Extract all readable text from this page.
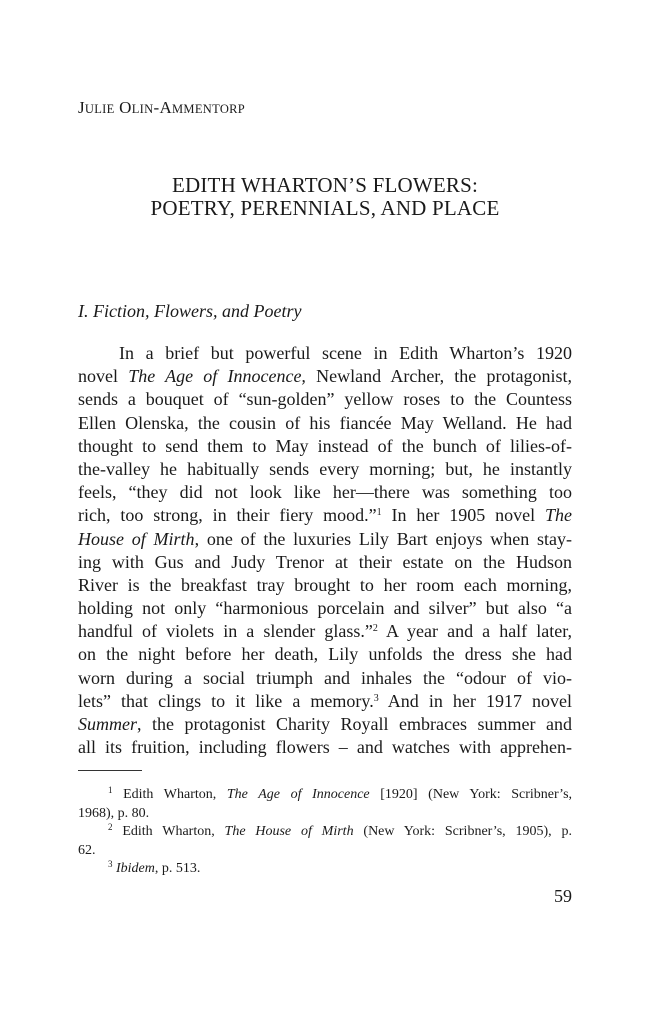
JULIE OLIN-AMMENTORP
EDITH WHARTON’S FLOWERS:
POETRY, PERENNIALS, AND PLACE
I. Fiction, Flowers, and Poetry
In a brief but powerful scene in Edith Wharton’s 1920
novel The Age of Innocence, Newland Archer, the protagonist,
sends a bouquet of “sun-golden” yellow roses to the Countess
Ellen Olenska, the cousin of his fiancée May Welland. He had
thought to send them to May instead of the bunch of lilies-of-
the-valley he habitually sends every morning; but, he instantly
feels, “they did not look like her—there was something too
rich, too strong, in their fiery mood.”$^1$ In her 1905 novel The
House of Mirth, one of the luxuries Lily Bart enjoys when stay-
ing with Gus and Judy Trenor at their estate on the Hudson
River is the breakfast tray brought to her room each morning,
holding not only “harmonious porcelain and silver” but also “a
handful of violets in a slender glass.”$^2$ A year and a half later,
on the night before her death, Lily unfolds the dress she had
worn during a social triumph and inhales the “odour of vio-
lets” that clings to it like a memory.$^3$ And in her 1917 novel
Summer, the protagonist Charity Royall embraces summer and
all its fruition, including flowers – and watches with apprehen-
$^1$ Edith Wharton, The Age of Innocence [1920] (New York: Scribner’s,
1968), p. 80.
$^2$ Edith Wharton, The House of Mirth (New York: Scribner’s, 1905), p.
62.
$^3$ Ibidem, p. 513.
59
